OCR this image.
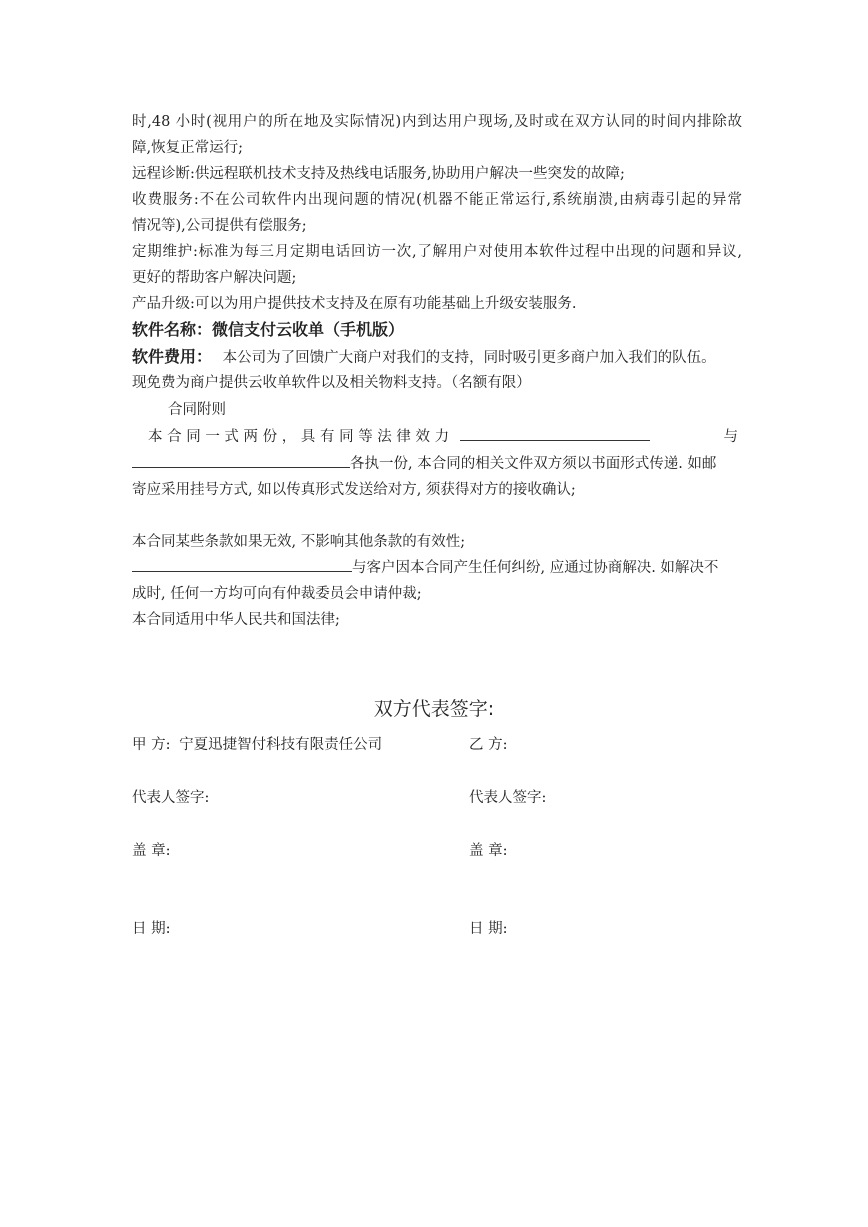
时,48 小时(视用户的所在地及实际情况)内到达用户现场,及时或在双方认同的时间内排除故
障,恢复正常运行;
远程诊断:供远程联机技术支持及热线电话服务,协助用户解决一些突发的故障;
收费服务:不在公司软件内出现问题的情况(机器不能正常运行,系统崩溃,由病毒引起的异常
情况等),公司提供有偿服务;
定期维护:标准为每三月定期电话回访一次,了解用户对使用本软件过程中出现的问题和异议,
更好的帮助客户解决问题;
产品升级:可以为用户提供技术支持及在原有功能基础上升级安装服务.
软件名称：微信支付云收单（手机版）
软件费用： 本公司为了回馈广大商户对我们的支持，同时吸引更多商户加入我们的队伍。
现免费为商户提供云收单软件以及相关物料支持。（名额有限）
合同附则
本 合 同 一 式 两 份 ， 具 有 同 等 法 律 效 力	与
各执一份, 本合同的相关文件双方须以书面形式传递. 如邮
寄应采用挂号方式, 如以传真形式发送给对方, 须获得对方的接收确认;
本合同某些条款如果无效, 不影响其他条款的有效性;
与客户因本合同产生任何纠纷, 应通过协商解决. 如解决不
成时, 任何一方均可向有仲裁委员会申请仲裁;
本合同适用中华人民共和国法律;
双方代表签字:
甲 方: 宁夏迅捷智付科技有限责任公司	乙 方:
代表人签字:	代表人签字:
盖 章:	盖 章:
日 期:	日 期:
